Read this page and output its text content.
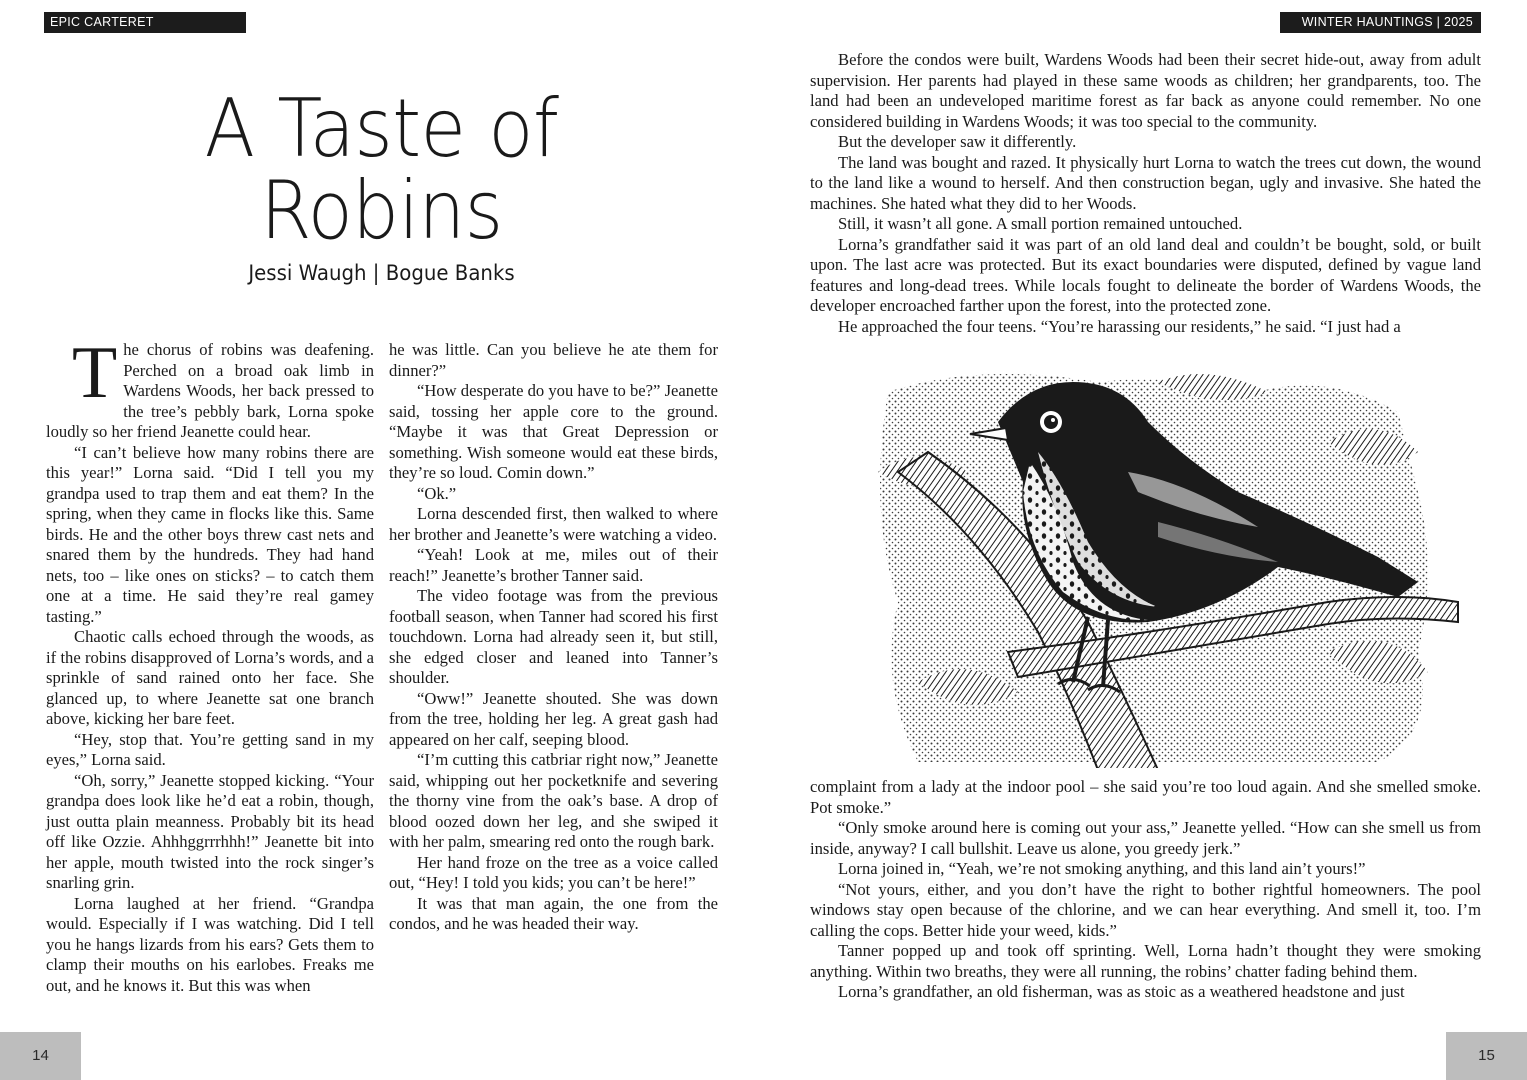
EPIC CARTERET
A Taste of
Robins
Jessi Waugh | Bogue Banks

The chorus of robins was deafening. Perched on a broad oak limb in Wardens Woods, her back pressed to the tree’s pebbly bark, Lorna spoke loudly so her friend Jeanette could hear.

“I can’t believe how many robins there are this year!” Lorna said. “Did I tell you my grandpa used to trap them and eat them? In the spring, when they came in flocks like this. Same birds. He and the other boys threw cast nets and snared them by the hundreds. They had hand nets, too – like ones on sticks? – to catch them one at a time. He said they’re real gamey tasting.”

Chaotic calls echoed through the woods, as if the robins disapproved of Lorna’s words, and a sprinkle of sand rained onto her face. She glanced up, to where Jeanette sat one branch above, kicking her bare feet.

“Hey, stop that. You’re getting sand in my eyes,” Lorna said.

“Oh, sorry,” Jeanette stopped kicking. “Your grandpa does look like he’d eat a robin, though, just outta plain meanness. Probably bit its head off like Ozzie. Ahhhggrrrhhh!” Jeanette bit into her apple, mouth twisted into the rock singer’s snarling grin.

Lorna laughed at her friend. “Grandpa would. Especially if I was watching. Did I tell you he hangs lizards from his ears? Gets them to clamp their mouths on his earlobes. Freaks me out, and he knows it. But this was when

he was little. Can you believe he ate them for dinner?”

“How desperate do you have to be?” Jeanette said, tossing her apple core to the ground. “Maybe it was that Great Depression or something. Wish someone would eat these birds, they’re so loud. Comin down.”

“Ok.”

Lorna descended first, then walked to where her brother and Jeanette’s were watching a video.

“Yeah! Look at me, miles out of their reach!” Jeanette’s brother Tanner said.

The video footage was from the previous football season, when Tanner had scored his first touchdown. Lorna had already seen it, but still, she edged closer and leaned into Tanner’s shoulder.

“Oww!” Jeanette shouted. She was down from the tree, holding her leg. A great gash had appeared on her calf, seeping blood.

“I’m cutting this catbriar right now,” Jeanette said, whipping out her pocketknife and severing the thorny vine from the oak’s base. A drop of blood oozed down her leg, and she swiped it with her palm, smearing red onto the rough bark.

Her hand froze on the tree as a voice called out, “Hey! I told you kids; you can’t be here!”

It was that man again, the one from the condos, and he was headed their way.

14
WINTER HAUNTINGS | 2025

Before the condos were built, Wardens Woods had been their secret hide-out, away from adult supervision. Her parents had played in these same woods as children; her grandparents, too. The land had been an undeveloped maritime forest as far back as anyone could remember. No one considered building in Wardens Woods; it was too special to the community.

But the developer saw it differently.

The land was bought and razed. It physically hurt Lorna to watch the trees cut down, the wound to the land like a wound to herself. And then construction began, ugly and invasive. She hated the machines. She hated what they did to her Woods.

Still, it wasn’t all gone. A small portion remained untouched.

Lorna’s grandfather said it was part of an old land deal and couldn’t be bought, sold, or built upon. The last acre was protected. But its exact boundaries were disputed, defined by vague land features and long-dead trees. While locals fought to delineate the border of Wardens Woods, the developer encroached farther upon the forest, into the protected zone.

He approached the four teens. “You’re harassing our residents,” he said. “I just had a

complaint from a lady at the indoor pool – she said you’re too loud again. And she smelled smoke. Pot smoke.”

“Only smoke around here is coming out your ass,” Jeanette yelled. “How can she smell us from inside, anyway? I call bullshit. Leave us alone, you greedy jerk.”

Lorna joined in, “Yeah, we’re not smoking anything, and this land ain’t yours!”

“Not yours, either, and you don’t have the right to bother rightful homeowners. The pool windows stay open because of the chlorine, and we can hear everything. And smell it, too. I’m calling the cops. Better hide your weed, kids.”

Tanner popped up and took off sprinting. Well, Lorna hadn’t thought they were smoking anything. Within two breaths, they were all running, the robins’ chatter fading behind them.

Lorna’s grandfather, an old fisherman, was as stoic as a weathered headstone and just

15
